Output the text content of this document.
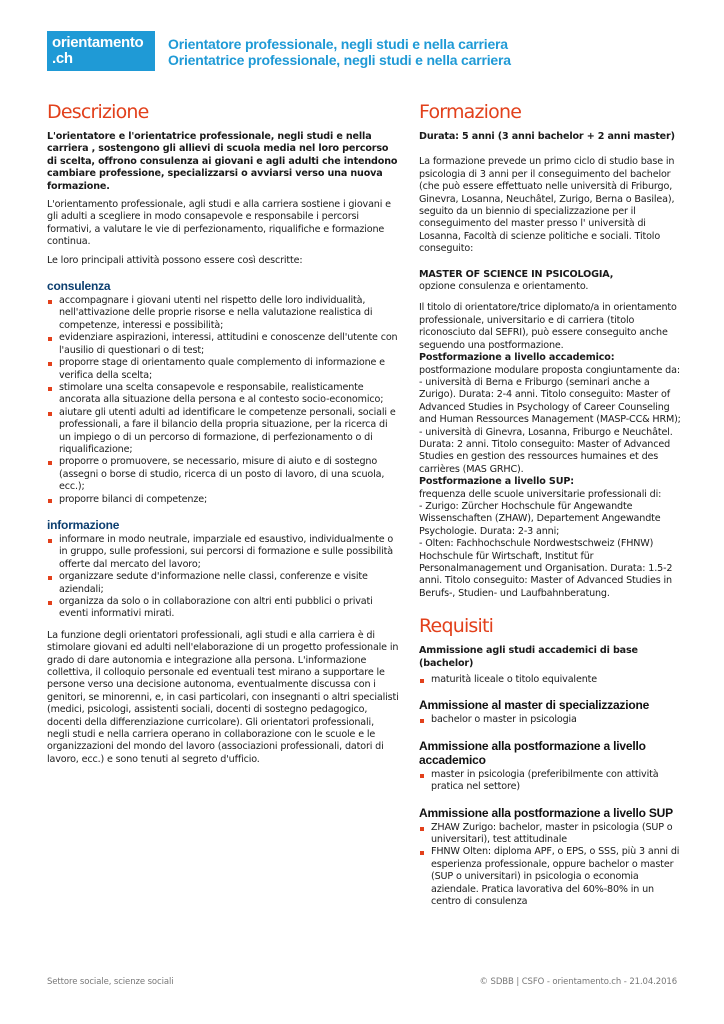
orientamento
.ch
Orientatore professionale, negli studi e nella carriera
Orientatrice professionale, negli studi e nella carriera
Descrizione

L'orientatore e l'orientatrice professionale, negli studi e nella carriera , sostengono gli allievi di scuola media nel loro percorso di scelta, offrono consulenza ai giovani e agli adulti che intendono cambiare professione, specializzarsi o avviarsi verso una nuova formazione.

L'orientamento professionale, agli studi e alla carriera sostiene i giovani e gli adulti a scegliere in modo consapevole e responsabile i percorsi formativi, a valutare le vie di perfezionamento, riqualifiche e formazione continua.

Le loro principali attività possono essere così descritte:

consulenza
accompagnare i giovani utenti nel rispetto delle loro individualità, nell'attivazione delle proprie risorse e nella valutazione realistica di competenze, interessi e possibilità;
evidenziare aspirazioni, interessi, attitudini e conoscenze dell'utente con l'ausilio di questionari o di test;
proporre stage di orientamento quale complemento di informazione e verifica della scelta;
stimolare una scelta consapevole e responsabile, realisticamente ancorata alla situazione della persona e al contesto socio-economico;
aiutare gli utenti adulti ad identificare le competenze personali, sociali e professionali, a fare il bilancio della propria situazione, per la ricerca di un impiego o di un percorso di formazione, di perfezionamento o di riqualificazione;
proporre o promuovere, se necessario, misure di aiuto e di sostegno (assegni o borse di studio, ricerca di un posto di lavoro, di una scuola, ecc.);
proporre bilanci di competenze;
informazione
informare in modo neutrale, imparziale ed esaustivo, individualmente o in gruppo, sulle professioni, sui percorsi di formazione e sulle possibilità offerte dal mercato del lavoro;
organizzare sedute d'informazione nelle classi, conferenze e visite aziendali;
organizza da solo o in collaborazione con altri enti pubblici o privati eventi informativi mirati.

La funzione degli orientatori professionali, agli studi e alla carriera è di stimolare giovani ed adulti nell'elaborazione di un progetto professionale in grado di dare autonomia e integrazione alla persona. L'informazione collettiva, il colloquio personale ed eventuali test mirano a supportare le persone verso una decisione autonoma, eventualmente discussa con i genitori, se minorenni, e, in casi particolari, con insegnanti o altri specialisti (medici, psicologi, assistenti sociali, docenti di sostegno pedagogico, docenti della differenziazione curricolare). Gli orientatori professionali, negli studi e nella carriera operano in collaborazione con le scuole e le organizzazioni del mondo del lavoro (associazioni professionali, datori di lavoro, ecc.) e sono tenuti al segreto d'ufficio.

Formazione

Durata: 5 anni (3 anni bachelor + 2 anni master)

La formazione prevede un primo ciclo di studio base in psicologia di 3 anni per il conseguimento del bachelor (che può essere effettuato nelle università di Friburgo, Ginevra, Losanna, Neuchâtel, Zurigo, Berna o Basilea), seguito da un biennio di specializzazione per il conseguimento del master presso l' università di Losanna, Facoltà di scienze politiche e sociali. Titolo conseguito:

MASTER OF SCIENCE IN PSICOLOGIA,

opzione consulenza e orientamento.

Il titolo di orientatore/trice diplomato/a in orientamento professionale, universitario e di carriera (titolo riconosciuto dal SEFRI), può essere conseguito anche seguendo una postformazione.

Postformazione a livello accademico:

postformazione modulare proposta congiuntamente da:

- università di Berna e Friburgo (seminari anche a Zurigo). Durata: 2-4 anni. Titolo conseguito: Master of Advanced Studies in Psychology of Career Counseling and Human Ressources Management (MASP-CC& HRM);

- università di Ginevra, Losanna, Friburgo e Neuchâtel. Durata: 2 anni. Titolo conseguito: Master of Advanced Studies en gestion des ressources humaines et des carrières (MAS GRHC).

Postformazione a livello SUP:

frequenza delle scuole universitarie professionali di:

- Zurigo: Zürcher Hochschule für Angewandte Wissenschaften (ZHAW), Departement Angewandte Psychologie. Durata: 2-3 anni;

- Olten: Fachhochschule Nordwestschweiz (FHNW) Hochschule für Wirtschaft, Institut für Personalmanagement und Organisation. Durata: 1.5-2 anni. Titolo conseguito: Master of Advanced Studies in Berufs-, Studien- und Laufbahnberatung.

Requisiti

Ammissione agli studi accademici di base (bachelor)

maturità liceale o titolo equivalente
Ammissione al master di specializzazione
bachelor o master in psicologia
Ammissione alla postformazione a livello accademico
master in psicologia (preferibilmente con attività pratica nel settore)
Ammissione alla postformazione a livello SUP
ZHAW Zurigo: bachelor, master in psicologia (SUP o universitari), test attitudinale
FHNW Olten: diploma APF, o EPS, o SSS, più 3 anni di esperienza professionale, oppure bachelor o master (SUP o universitari) in psicologia o economia aziendale. Pratica lavorativa del 60%-80% in un centro di consulenza
Settore sociale, scienze sociali	© SDBB | CSFO - orientamento.ch - 21.04.2016
